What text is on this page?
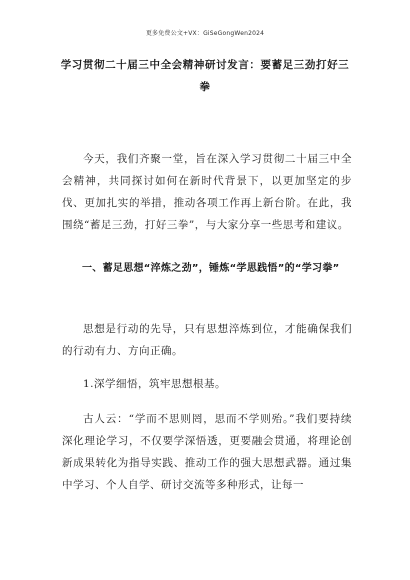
更多免费公文+VX：GiSeGongWen2024
学习贯彻二十届三中全会精神研讨发言：要蓄足三劲打好三拳

今天，我们齐聚一堂，旨在深入学习贯彻二十届三中全会精神，共同探讨如何在新时代背景下，以更加坚定的步伐、更加扎实的举措，推动各项工作再上新台阶。在此，我围绕“蓄足三劲，打好三拳”，与大家分享一些思考和建议。

一、蓄足思想“淬炼之劲”，锤炼“学思践悟”的“学习拳”

思想是行动的先导，只有思想淬炼到位，才能确保我们的行动有力、方向正确。

1.深学细悟，筑牢思想根基。

古人云：“学而不思则罔，思而不学则殆。”我们要持续深化理论学习，不仅要学深悟透，更要融会贯通，将理论创新成果转化为指导实践、推动工作的强大思想武器。通过集中学习、个人自学、研讨交流等多种形式，让每一
